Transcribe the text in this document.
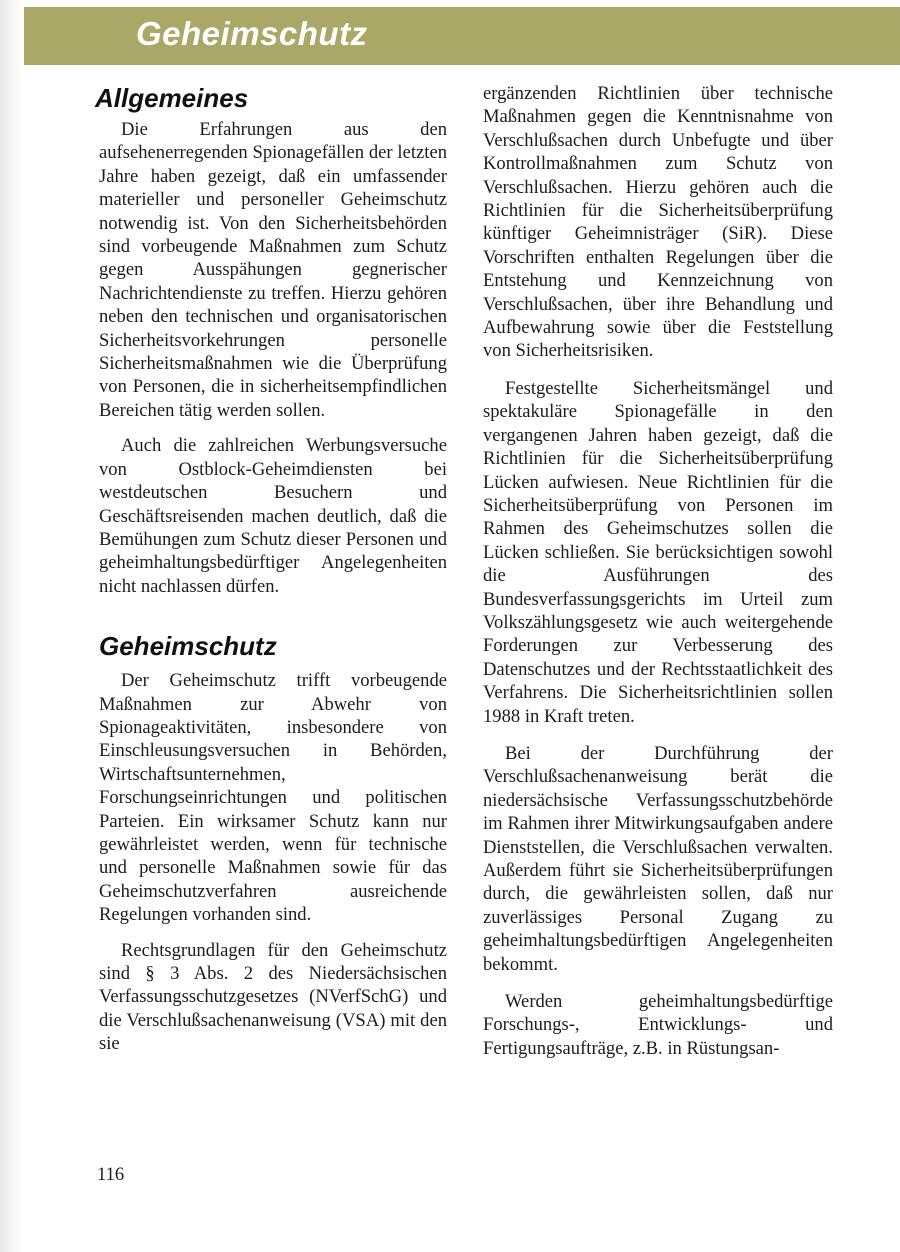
Geheimschutz
Allgemeines

Die Erfahrungen aus den aufsehenerregenden Spionagefällen der letzten Jahre haben gezeigt, daß ein umfassender materieller und personeller Geheimschutz notwendig ist. Von den Sicherheitsbehörden sind vorbeugende Maßnahmen zum Schutz gegen Ausspähungen gegnerischer Nachrichtendienste zu treffen. Hierzu gehören neben den technischen und organisatorischen Sicherheitsvorkehrungen personelle Sicherheitsmaßnahmen wie die Überprüfung von Personen, die in sicherheitsempfindlichen Bereichen tätig werden sollen.

Auch die zahlreichen Werbungsversuche von Ostblock-Geheimdiensten bei westdeutschen Besuchern und Geschäftsreisenden machen deutlich, daß die Bemühungen zum Schutz dieser Personen und geheimhaltungsbedürftiger Angelegenheiten nicht nachlassen dürfen.

Geheimschutz

Der Geheimschutz trifft vorbeugende Maßnahmen zur Abwehr von Spionageaktivitäten, insbesondere von Einschleusungsversuchen in Behörden, Wirtschaftsunternehmen, Forschungseinrichtungen und politischen Parteien. Ein wirksamer Schutz kann nur gewährleistet werden, wenn für technische und personelle Maßnahmen sowie für das Geheimschutzverfahren ausreichende Regelungen vorhanden sind.

Rechtsgrundlagen für den Geheimschutz sind § 3 Abs. 2 des Niedersächsischen Verfassungsschutzgesetzes (NVerfSchG) und die Verschlußsachenanweisung (VSA) mit den sie

ergänzenden Richtlinien über technische Maßnahmen gegen die Kenntnisnahme von Verschlußsachen durch Unbefugte und über Kontrollmaßnahmen zum Schutz von Verschlußsachen. Hierzu gehören auch die Richtlinien für die Sicherheitsüberprüfung künftiger Geheimnisträger (SiR). Diese Vorschriften enthalten Regelungen über die Entstehung und Kennzeichnung von Verschlußsachen, über ihre Behandlung und Aufbewahrung sowie über die Feststellung von Sicherheitsrisiken.

Festgestellte Sicherheitsmängel und spektakuläre Spionagefälle in den vergangenen Jahren haben gezeigt, daß die Richtlinien für die Sicherheitsüberprüfung Lücken aufwiesen. Neue Richtlinien für die Sicherheitsüberprüfung von Personen im Rahmen des Geheimschutzes sollen die Lücken schließen. Sie berücksichtigen sowohl die Ausführungen des Bundesverfassungsgerichts im Urteil zum Volkszählungsgesetz wie auch weitergehende Forderungen zur Verbesserung des Datenschutzes und der Rechtsstaatlichkeit des Verfahrens. Die Sicherheitsrichtlinien sollen 1988 in Kraft treten.

Bei der Durchführung der Verschlußsachenanweisung berät die niedersächsische Verfassungsschutzbehörde im Rahmen ihrer Mitwirkungsaufgaben andere Dienststellen, die Verschlußsachen verwalten. Außerdem führt sie Sicherheitsüberprüfungen durch, die gewährleisten sollen, daß nur zuverlässiges Personal Zugang zu geheimhaltungsbedürftigen Angelegenheiten bekommt.

Werden geheimhaltungsbedürftige Forschungs-, Entwicklungs- und Fertigungsaufträge, z.B. in Rüstungsan-

116
